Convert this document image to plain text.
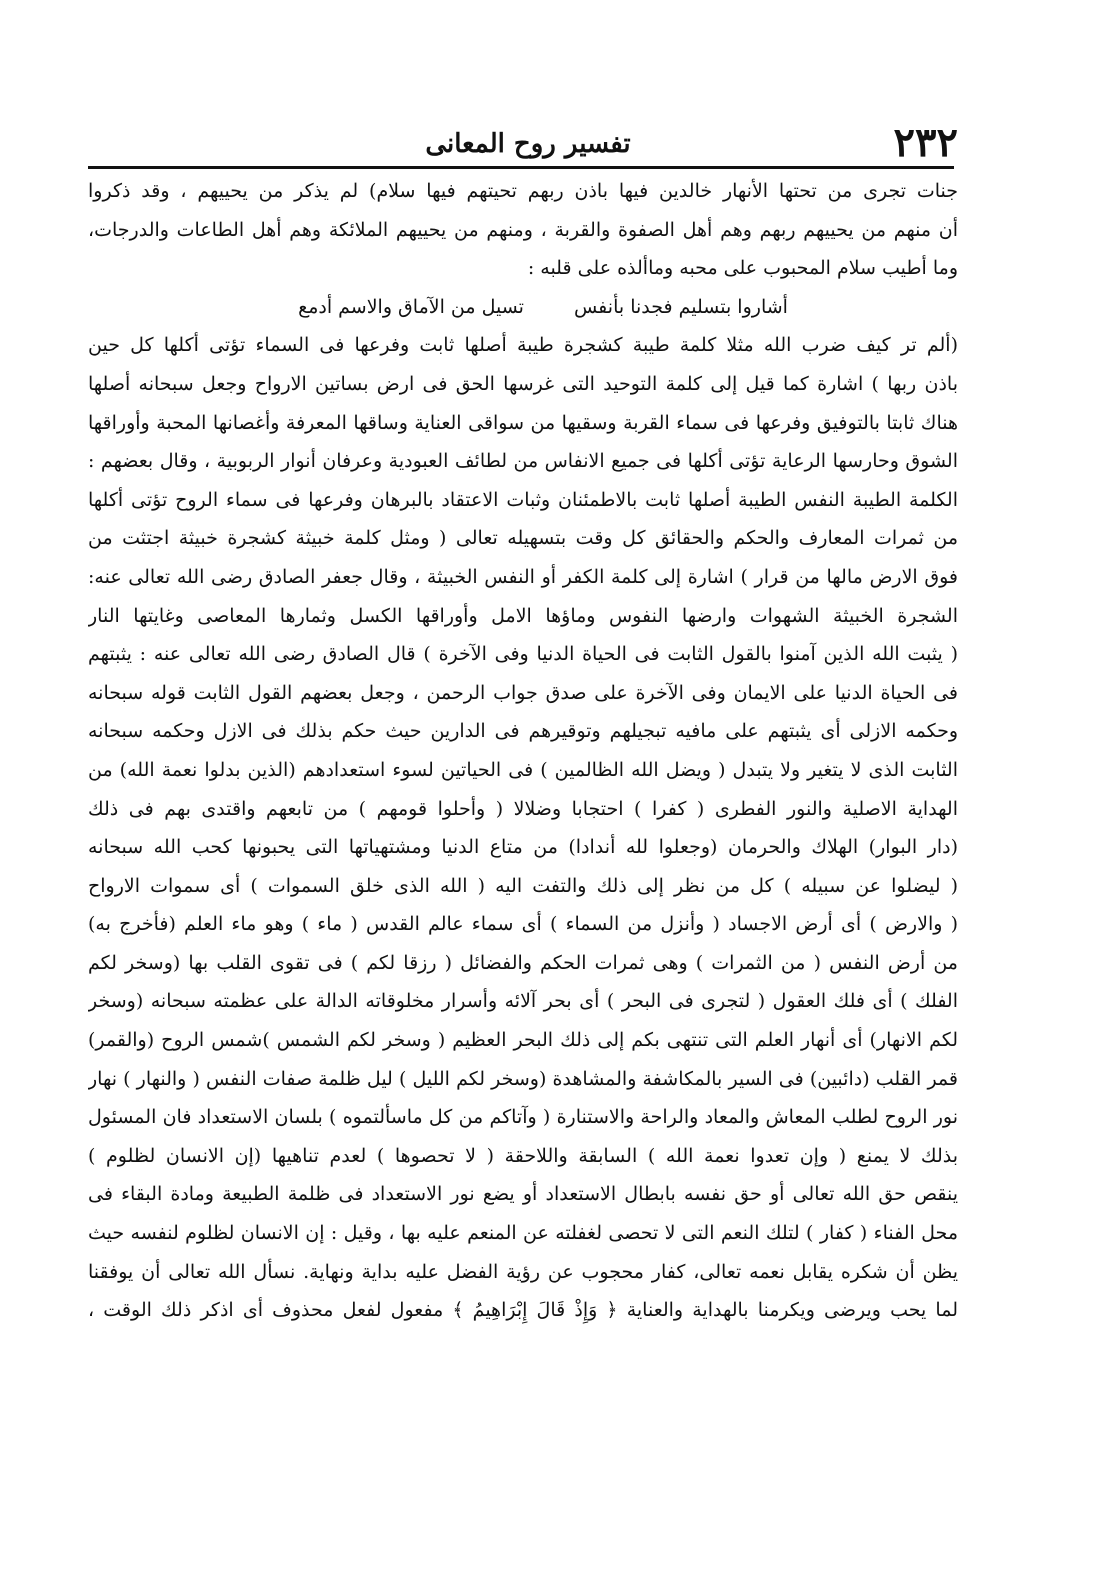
٢٣٢
تفسير روح المعانى
جنات تجرى من تحتها الأنهار خالدين فيها باذن ربهم تحيتهم فيها سلام) لم يذكر من يحييهم ، وقد ذكروا
أن منهم من يحييهم ربهم وهم أهل الصفوة والقربة ، ومنهم من يحييهم الملائكة وهم أهل الطاعات والدرجات،
وما أطيب سلام المحبوب على محبه وماألذه على قلبه :
أشاروا بتسليم فجدنا بأنفس
تسيل من الآماق والاسم أدمع
(ألم تر كيف ضرب الله مثلا كلمة طيبة كشجرة طيبة أصلها ثابت وفرعها فى السماء تؤتى أكلها كل حين
باذن ربها ) اشارة كما قيل إلى كلمة التوحيد التى غرسها الحق فى ارض بساتين الارواح وجعل سبحانه أصلها
هناك ثابتا بالتوفيق وفرعها فى سماء القربة وسقيها من سواقى العناية وساقها المعرفة وأغصانها المحبة وأوراقها
الشوق وحارسها الرعاية تؤتى أكلها فى جميع الانفاس من لطائف العبودية وعرفان أنوار الربوبية ، وقال بعضهم :
الكلمة الطيبة النفس الطيبة أصلها ثابت بالاطمئنان وثبات الاعتقاد بالبرهان وفرعها فى سماء الروح تؤتى أكلها
من ثمرات المعارف والحكم والحقائق كل وقت بتسهيله تعالى ( ومثل كلمة خبيثة كشجرة خبيثة اجتثت من
فوق الارض مالها من قرار ) اشارة إلى كلمة الكفر أو النفس الخبيثة ، وقال جعفر الصادق رضى الله تعالى عنه:
الشجرة الخبيثة الشهوات وارضها النفوس وماؤها الامل وأوراقها الكسل وثمارها المعاصى وغايتها النار
( يثبت الله الذين آمنوا بالقول الثابت فى الحياة الدنيا وفى الآخرة ) قال الصادق رضى الله تعالى عنه : يثبتهم
فى الحياة الدنيا على الايمان وفى الآخرة على صدق جواب الرحمن ، وجعل بعضهم القول الثابت قوله سبحانه
وحكمه الازلى أى يثبتهم على مافيه تبجيلهم وتوقيرهم فى الدارين حيث حكم بذلك فى الازل وحكمه سبحانه
الثابت الذى لا يتغير ولا يتبدل ( ويضل الله الظالمين ) فى الحياتين لسوء استعدادهم (الذين بدلوا نعمة الله) من
الهداية الاصلية والنور الفطرى ( كفرا ) احتجابا وضلالا ( وأحلوا قومهم ) من تابعهم واقتدى بهم فى ذلك
(دار البوار) الهلاك والحرمان (وجعلوا لله أندادا) من متاع الدنيا ومشتهياتها التى يحبونها كحب الله سبحانه
( ليضلوا عن سبيله ) كل من نظر إلى ذلك والتفت اليه ( الله الذى خلق السموات ) أى سموات الارواح
( والارض ) أى أرض الاجساد ( وأنزل من السماء ) أى سماء عالم القدس ( ماء ) وهو ماء العلم (فأخرج به)
من أرض النفس ( من الثمرات ) وهى ثمرات الحكم والفضائل ( رزقا لكم ) فى تقوى القلب بها (وسخر لكم
الفلك ) أى فلك العقول ( لتجرى فى البحر ) أى بحر آلائه وأسرار مخلوقاته الدالة على عظمته سبحانه (وسخر
لكم الانهار) أى أنهار العلم التى تنتهى بكم إلى ذلك البحر العظيم ( وسخر لكم الشمس )شمس الروح (والقمر)
قمر القلب (دائبين) فى السير بالمكاشفة والمشاهدة (وسخر لكم الليل ) ليل ظلمة صفات النفس ( والنهار ) نهار
نور الروح لطلب المعاش والمعاد والراحة والاستنارة ( وآتاكم من كل ماسألتموه ) بلسان الاستعداد فان المسئول
بذلك لا يمنع ( وإن تعدوا نعمة الله ) السابقة واللاحقة ( لا تحصوها ) لعدم تناهيها (إن الانسان لظلوم )
ينقص حق الله تعالى أو حق نفسه بابطال الاستعداد أو يضع نور الاستعداد فى ظلمة الطبيعة ومادة البقاء فى
محل الفناء ( كفار ) لتلك النعم التى لا تحصى لغفلته عن المنعم عليه بها ، وقيل : إن الانسان لظلوم لنفسه حيث
يظن أن شكره يقابل نعمه تعالى، كفار محجوب عن رؤية الفضل عليه بداية ونهاية. نسأل الله تعالى أن يوفقنا
لما يحب ويرضى ويكرمنا بالهداية والعناية ﴿ وَإِذْ قَالَ إِبْرَاهِيمُ ﴾ مفعول لفعل محذوف أى اذكر ذلك الوقت ،
